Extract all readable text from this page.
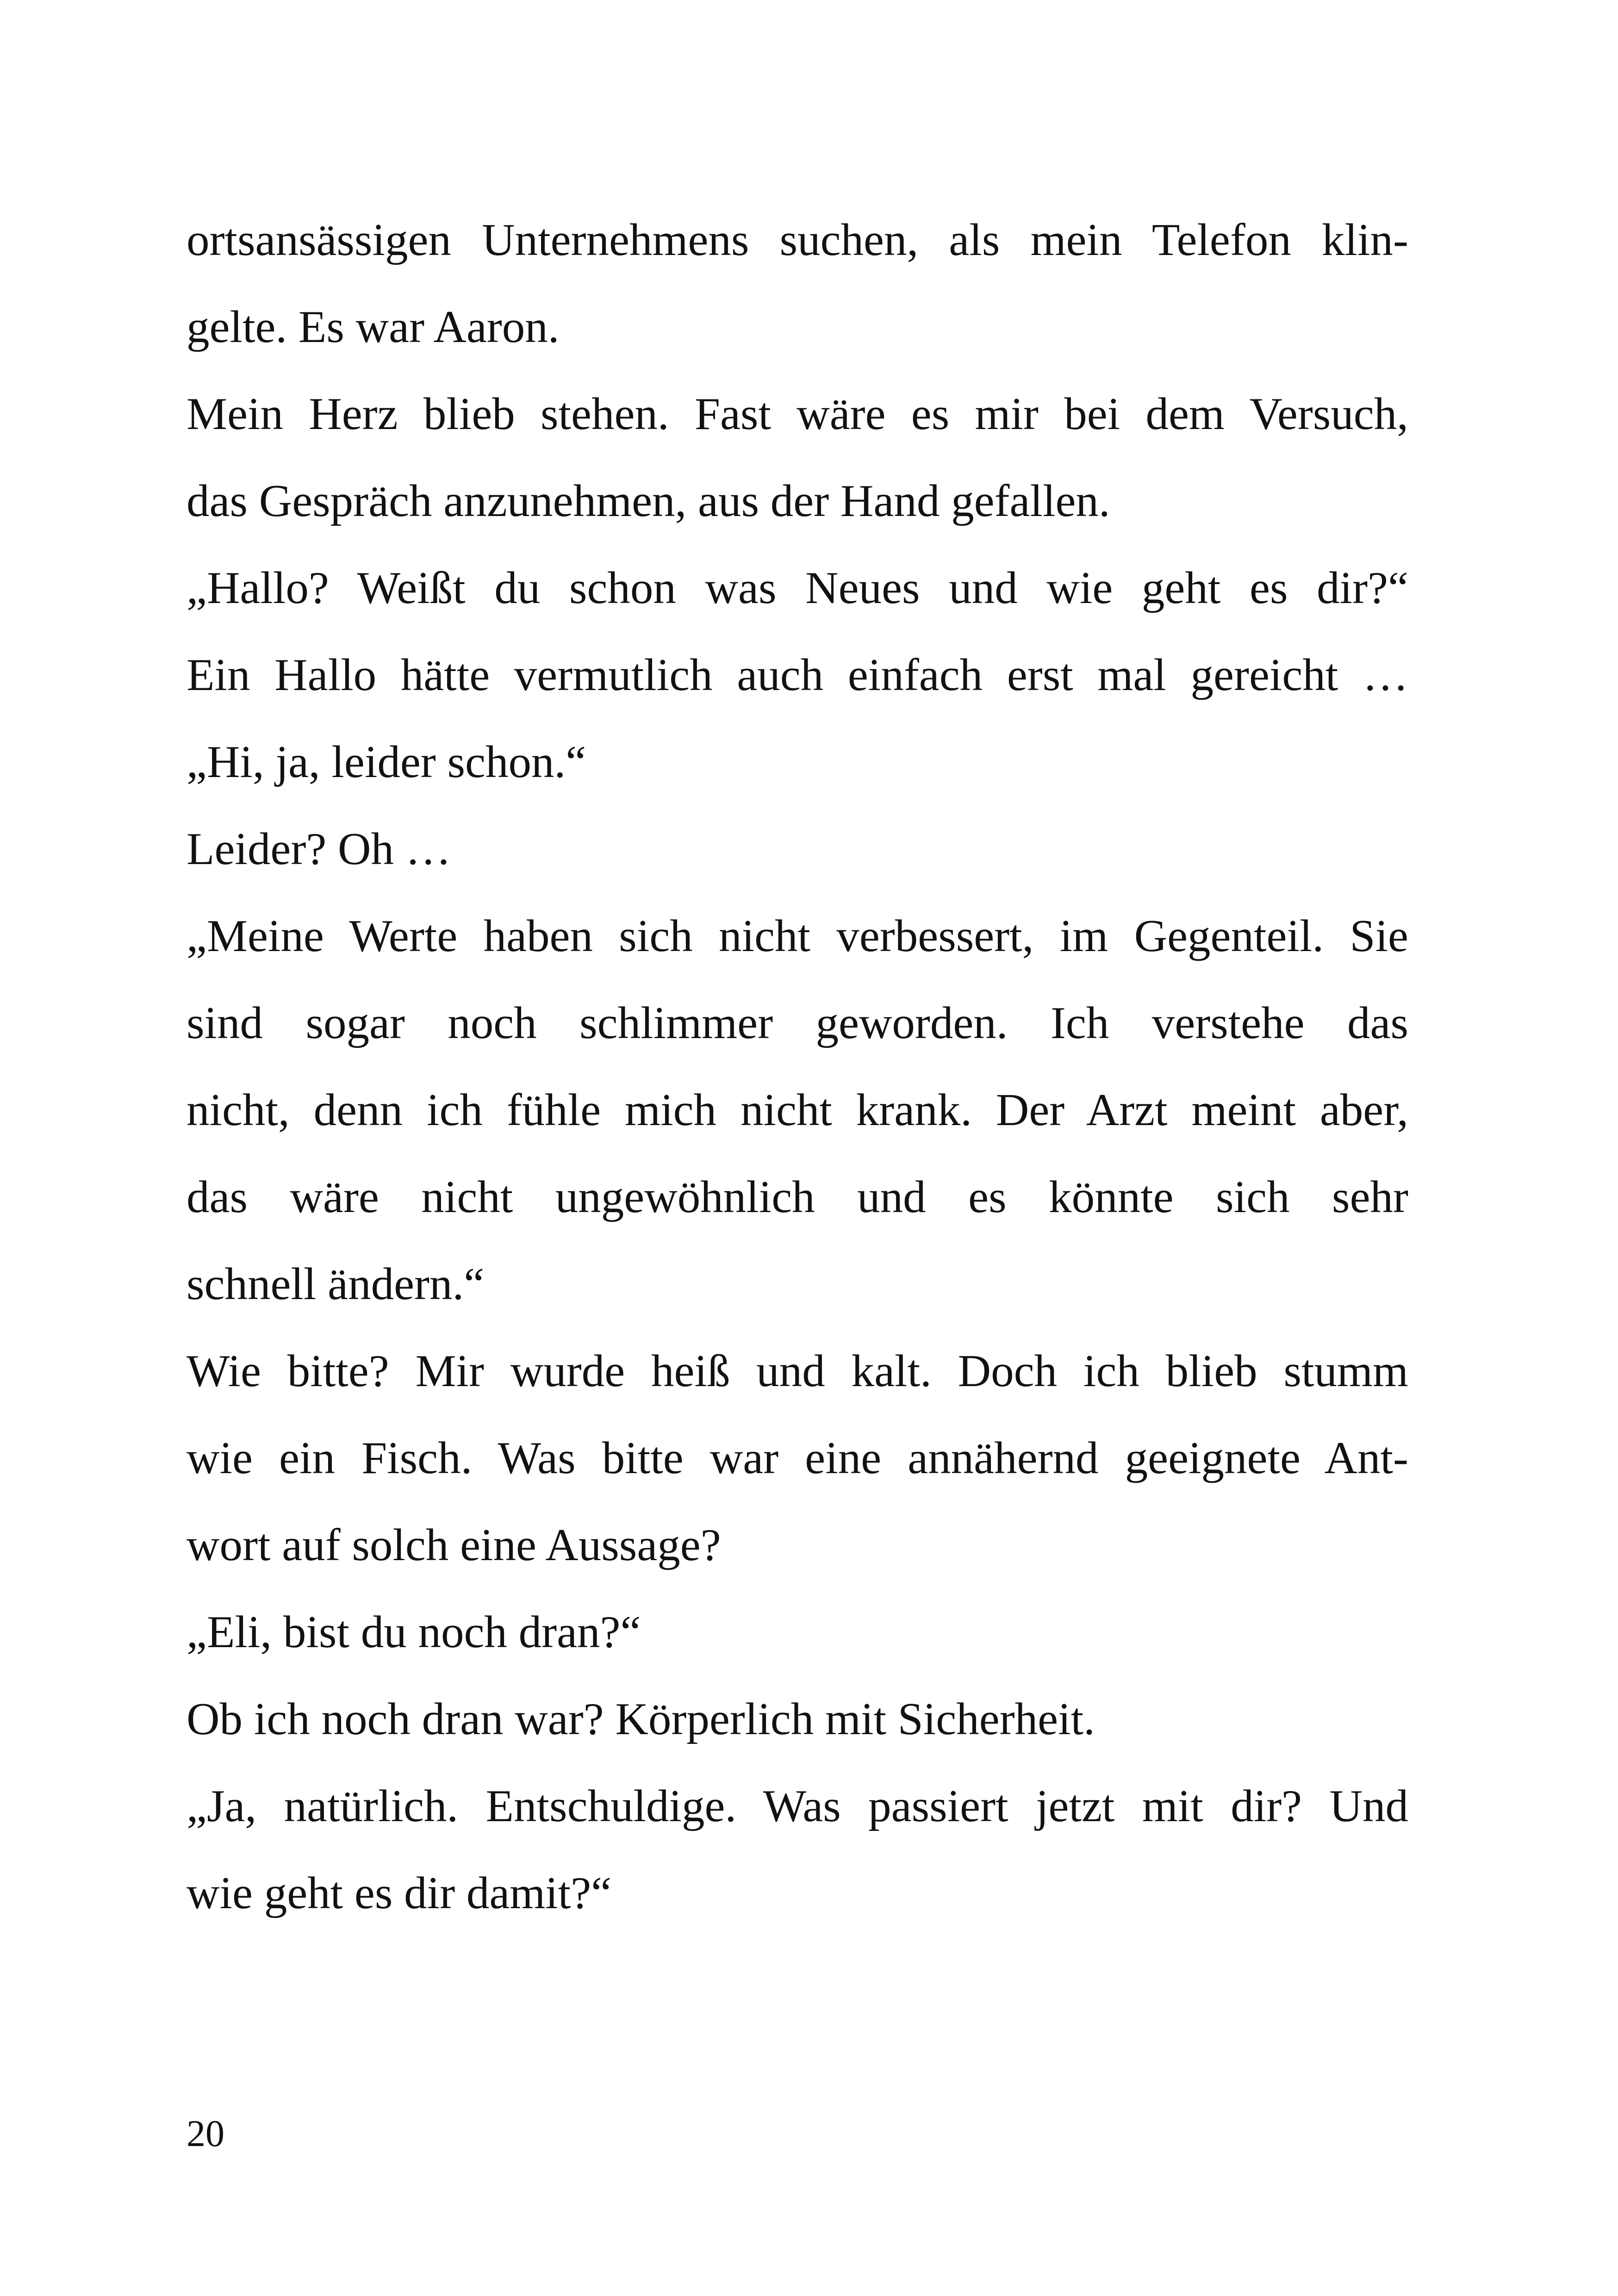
ortsansässigen Unternehmens suchen, als mein Telefon klin-
gelte. Es war Aaron.
Mein Herz blieb stehen. Fast wäre es mir bei dem Versuch,
das Gespräch anzunehmen, aus der Hand gefallen.
„Hallo? Weißt du schon was Neues und wie geht es dir?“
Ein Hallo hätte vermutlich auch einfach erst mal gereicht …
„Hi, ja, leider schon.“
Leider? Oh …
„Meine Werte haben sich nicht verbessert, im Gegenteil. Sie
sind sogar noch schlimmer geworden. Ich verstehe das
nicht, denn ich fühle mich nicht krank. Der Arzt meint aber,
das wäre nicht ungewöhnlich und es könnte sich sehr
schnell ändern.“
Wie bitte? Mir wurde heiß und kalt. Doch ich blieb stumm
wie ein Fisch. Was bitte war eine annähernd geeignete Ant-
wort auf solch eine Aussage?
„Eli, bist du noch dran?“
Ob ich noch dran war? Körperlich mit Sicherheit.
„Ja, natürlich. Entschuldige. Was passiert jetzt mit dir? Und
wie geht es dir damit?“
20
